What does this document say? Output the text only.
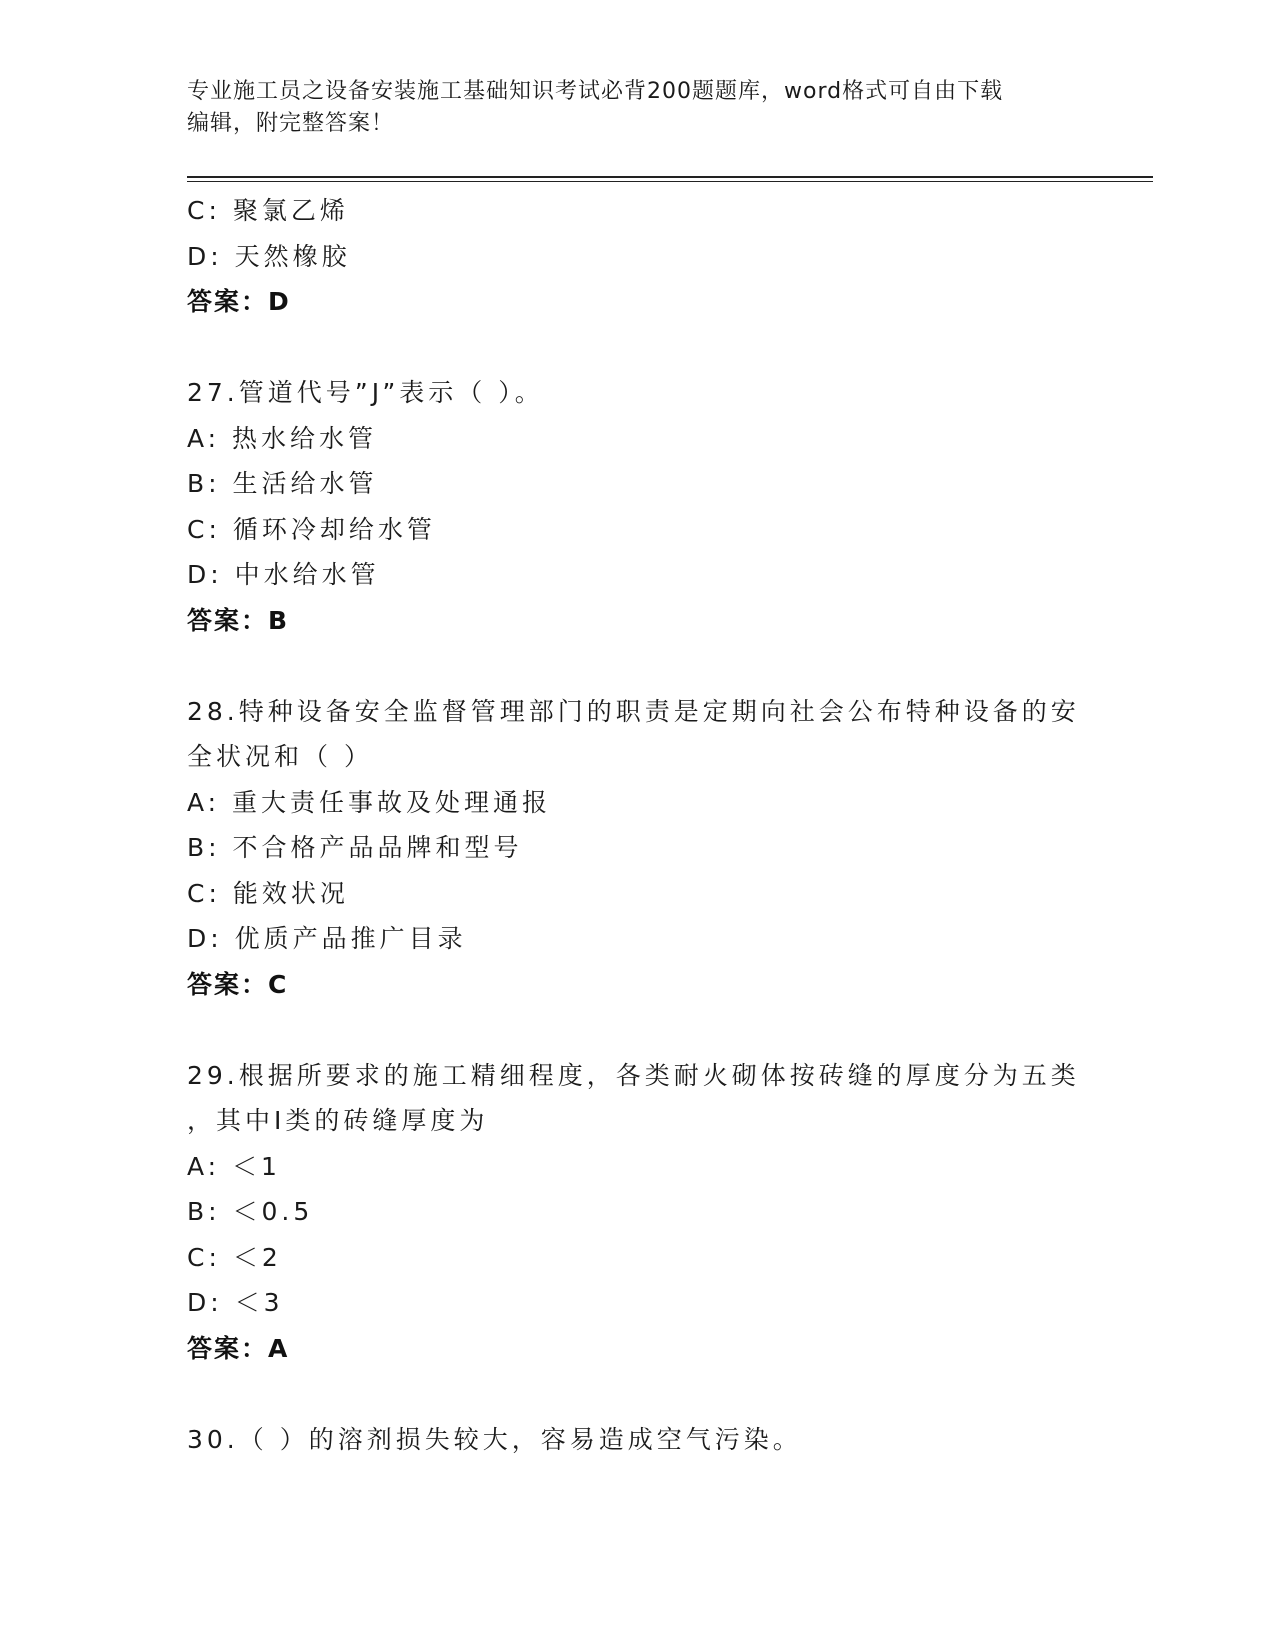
专业施工员之设备安装施工基础知识考试必背200题题库，word格式可自由下载
编辑，附完整答案！
C: 聚氯乙烯
D: 天然橡胶
答案：D
27.管道代号”J”表示（ ）。
A: 热水给水管
B: 生活给水管
C: 循环冷却给水管
D: 中水给水管
答案：B
28.特种设备安全监督管理部门的职责是定期向社会公布特种设备的安
全状况和（ ）
A: 重大责任事故及处理通报
B: 不合格产品品牌和型号
C: 能效状况
D: 优质产品推广目录
答案：C
29.根据所要求的施工精细程度，各类耐火砌体按砖缝的厚度分为五类
，其中I类的砖缝厚度为
A: ＜1
B: ＜0.5
C: ＜2
D: ＜3
答案：A
30.（ ）的溶剂损失较大，容易造成空气污染。
